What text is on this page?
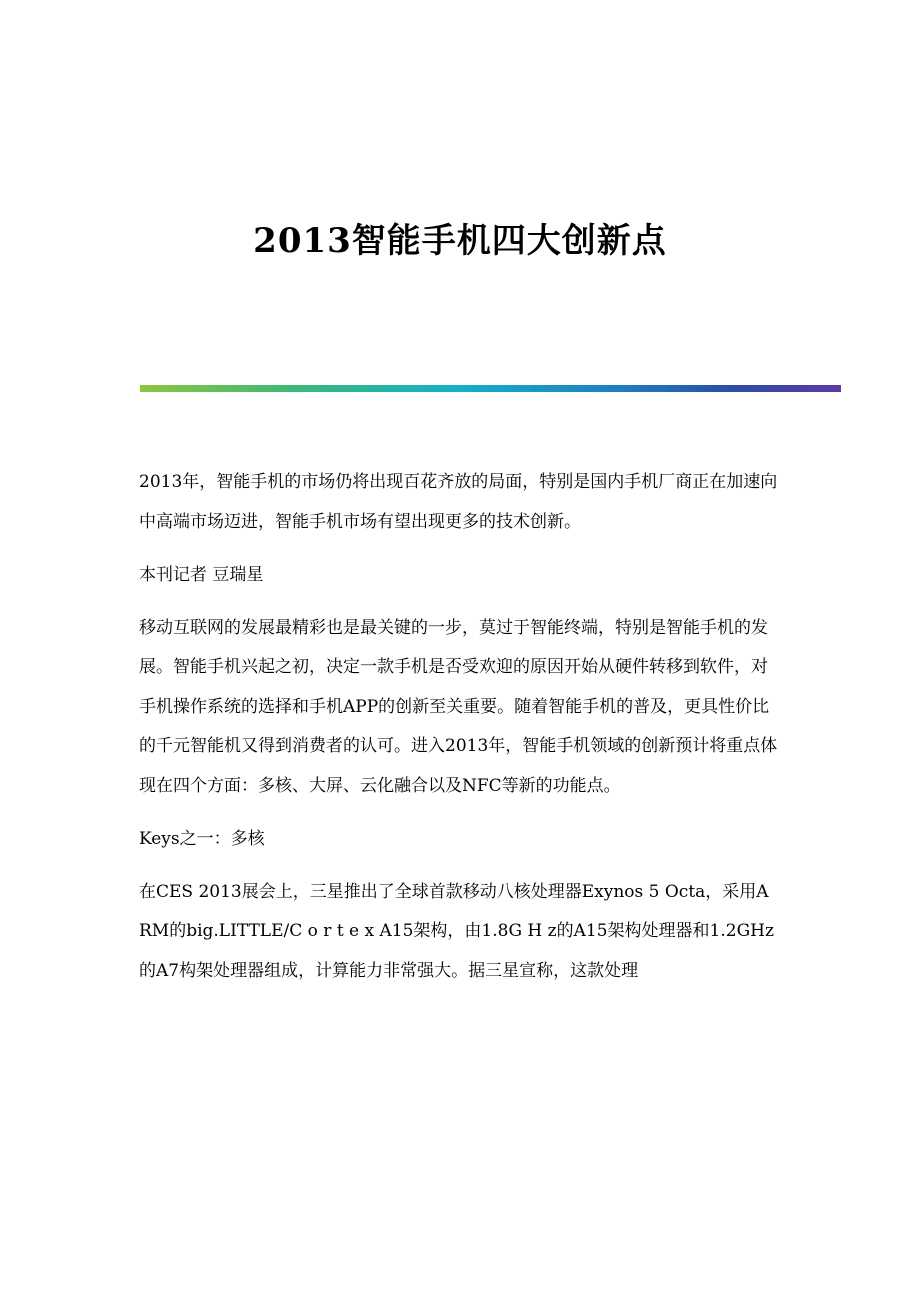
2013智能手机四大创新点

2013年，智能手机的市场仍将出现百花齐放的局面，特别是国内手机厂商正在加速向中高端市场迈进，智能手机市场有望出现更多的技术创新。

本刊记者 豆瑞星

移动互联网的发展最精彩也是最关键的一步，莫过于智能终端，特别是智能手机的发展。智能手机兴起之初，决定一款手机是否受欢迎的原因开始从硬件转移到软件，对手机操作系统的选择和手机APP的创新至关重要。随着智能手机的普及，更具性价比的千元智能机又得到消费者的认可。进入2013年，智能手机领域的创新预计将重点体现在四个方面：多核、大屏、云化融合以及NFC等新的功能点。

Keys之一：多核

在CES 2013展会上，三星推出了全球首款移动八核处理器Exynos 5 Octa，采用ARM的big.LITTLE/C o r t e x A15架构，由1.8G H z的A15架构处理器和1.2GHz的A7构架处理器组成，计算能力非常强大。据三星宣称，这款处理
